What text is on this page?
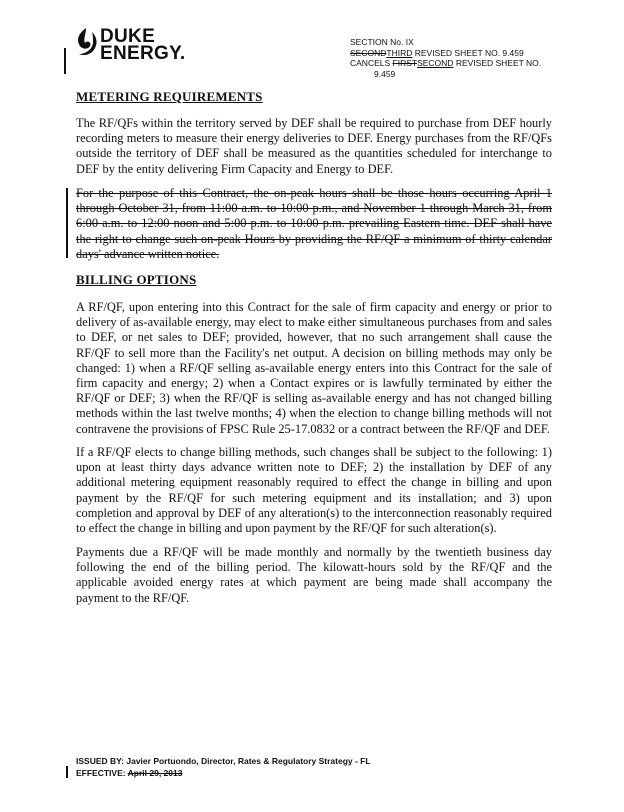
DUKE
ENERGY.
SECTION No. IX
SECONDTHIRD REVISED SHEET NO. 9.459
CANCELS FIRSTSECOND REVISED SHEET NO.
9.459
METERING REQUIREMENTS
The RF/QFs within the territory served by DEF shall be required to purchase from DEF hourly recording meters to measure their energy deliveries to DEF. Energy purchases from the RF/QFs outside the territory of DEF shall be measured as the quantities scheduled for interchange to DEF by the entity delivering Firm Capacity and Energy to DEF.
For the purpose of this Contract, the on-peak hours shall be those hours occurring April 1 through October 31, from 11:00 a.m. to 10:00 p.m., and November 1 through March 31, from 6:00 a.m. to 12:00 noon and 5:00 p.m. to 10:00 p.m. prevailing Eastern time. DEF shall have the right to change such on-peak Hours by providing the RF/QF a minimum of thirty calendar days' advance written notice.
BILLING OPTIONS
A RF/QF, upon entering into this Contract for the sale of firm capacity and energy or prior to delivery of as-available energy, may elect to make either simultaneous purchases from and sales to DEF, or net sales to DEF; provided, however, that no such arrangement shall cause the RF/QF to sell more than the Facility's net output. A decision on billing methods may only be changed: 1) when a RF/QF selling as-available energy enters into this Contract for the sale of firm capacity and energy; 2) when a Contact expires or is lawfully terminated by either the RF/QF or DEF; 3) when the RF/QF is selling as-available energy and has not changed billing methods within the last twelve months; 4) when the election to change billing methods will not contravene the provisions of FPSC Rule 25-17.0832 or a contract between the RF/QF and DEF.
If a RF/QF elects to change billing methods, such changes shall be subject to the following: 1) upon at least thirty days advance written note to DEF; 2) the installation by DEF of any additional metering equipment reasonably required to effect the change in billing and upon payment by the RF/QF for such metering equipment and its installation; and 3) upon completion and approval by DEF of any alteration(s) to the interconnection reasonably required to effect the change in billing and upon payment by the RF/QF for such alteration(s).
Payments due a RF/QF will be made monthly and normally by the twentieth business day following the end of the billing period. The kilowatt-hours sold by the RF/QF and the applicable avoided energy rates at which payment are being made shall accompany the payment to the RF/QF.
ISSUED BY: Javier Portuondo, Director, Rates & Regulatory Strategy - FL
EFFECTIVE: April 29, 2013
